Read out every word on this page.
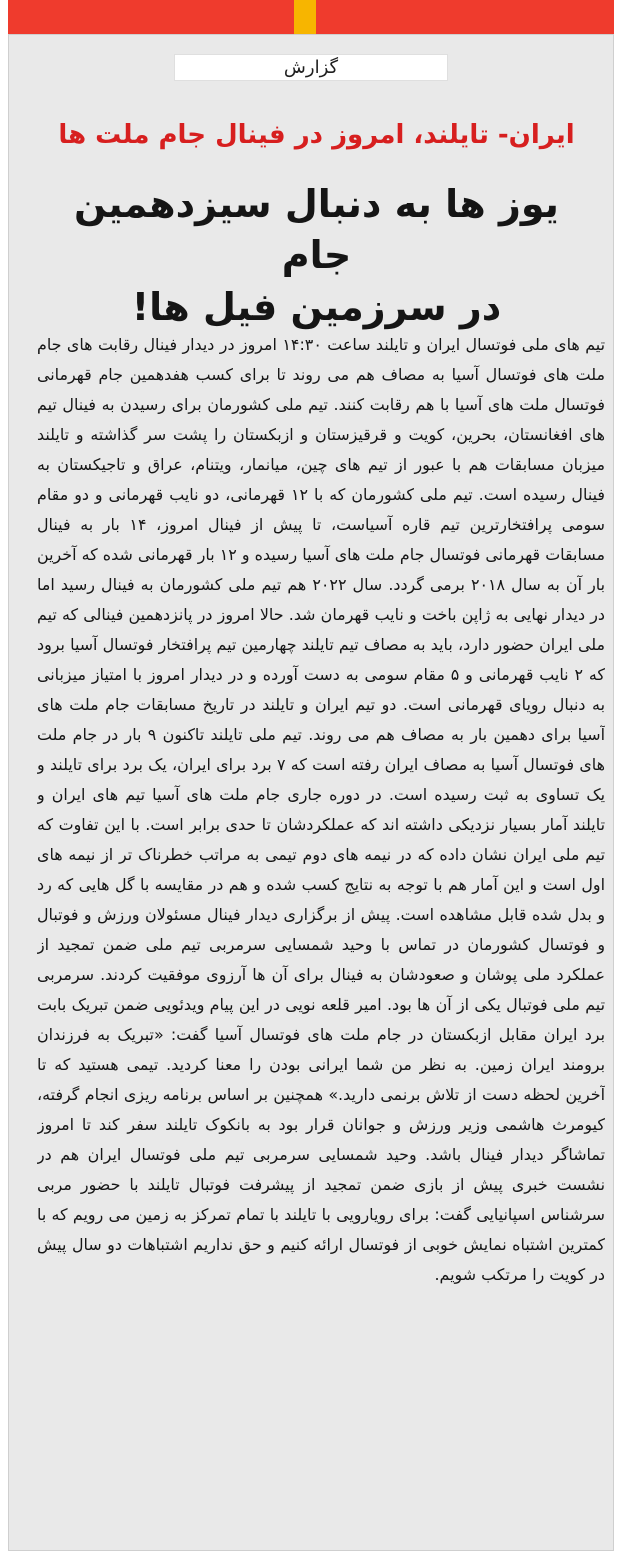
گزارش

ایران- تایلند، امروز در فینال جام ملت ها

یوز ها به دنبال سیزدهمین جام
در سرزمین فیل ها!
تیم های ملی فوتسال ایران و تایلند ساعت ۱۴:۳۰ امروز در دیدار فینال رقابت های جام ملت های فوتسال آسیا به مصاف هم می روند تا برای کسب هفدهمین جام قهرمانی فوتسال ملت های آسیا با هم رقابت کنند. تیم ملی کشورمان برای رسیدن به فینال تیم های افغانستان، بحرین، کویت و قرقیزستان و ازبکستان را پشت سر گذاشته و تایلند میزبان مسابقات هم با عبور از تیم های چین، میانمار، ویتنام، عراق و تاجیکستان به فینال رسیده است. تیم ملی کشورمان که با ۱۲ قهرمانی، دو نایب قهرمانی و دو مقام سومی پرافتخارترین تیم قاره آسیاست، تا پیش از فینال امروز، ۱۴ بار به فینال مسابقات قهرمانی فوتسال جام ملت های آسیا رسیده و ۱۲ بار قهرمانی شده که آخرین بار آن به سال ۲۰۱۸ برمی گردد. سال ۲۰۲۲ هم تیم ملی کشورمان به فینال رسید اما در دیدار نهایی به ژاپن باخت و نایب قهرمان شد. حالا امروز در پانزدهمین فینالی که تیم ملی ایران حضور دارد، باید به مصاف تیم تایلند چهارمین تیم پرافتخار فوتسال آسیا برود که ۲ نایب قهرمانی و ۵ مقام سومی به دست آورده و در دیدار امروز با امتیاز میزبانی به دنبال رویای قهرمانی است. دو تیم ایران و تایلند در تاریخ مسابقات جام ملت های آسیا برای دهمین بار به مصاف هم می روند. تیم ملی تایلند تاکنون ۹ بار در جام ملت های فوتسال آسیا به مصاف ایران رفته است که ۷ برد برای ایران، یک برد برای تایلند و یک تساوی به ثبت رسیده است. در دوره جاری جام ملت های آسیا تیم های ایران و تایلند آمار بسیار نزدیکی داشته اند که عملکردشان تا حدی برابر است. با این تفاوت که تیم ملی ایران نشان داده که در نیمه های دوم تیمی به مراتب خطرناک تر از نیمه های اول است و این آمار هم با توجه به نتایج کسب شده و هم در مقایسه با گل هایی که رد و بدل شده قابل مشاهده است. پیش از برگزاری دیدار فینال مسئولان ورزش و فوتبال و فوتسال کشورمان در تماس با وحید شمسایی سرمربی تیم ملی ضمن تمجید از عملکرد ملی پوشان و صعودشان به فینال برای آن ها آرزوی موفقیت کردند. سرمربی تیم ملی فوتبال یکی از آن ها بود. امیر قلعه نویی در این پیام ویدئویی ضمن تبریک بابت برد ایران مقابل ازبکستان در جام ملت های فوتسال آسیا گفت: «تبریک به فرزندان برومند ایران زمین. به نظر من شما ایرانی بودن را معنا کردید. تیمی هستید که تا آخرین لحظه دست از تلاش برنمی دارید.» همچنین بر اساس برنامه ریزی انجام گرفته، کیومرث هاشمی وزیر ورزش و جوانان قرار بود به بانکوک تایلند سفر کند تا امروز تماشاگر دیدار فینال باشد. وحید شمسایی سرمربی تیم ملی فوتسال ایران هم در نشست خبری پیش از بازی ضمن تمجید از پیشرفت فوتبال تایلند با حضور مربی سرشناس اسپانیایی گفت: برای رویارویی با تایلند با تمام تمرکز به زمین می رویم که با کمترین اشتباه نمایش خوبی از فوتسال ارائه کنیم و حق نداریم اشتباهات دو سال پیش در کویت را مرتکب شویم.
